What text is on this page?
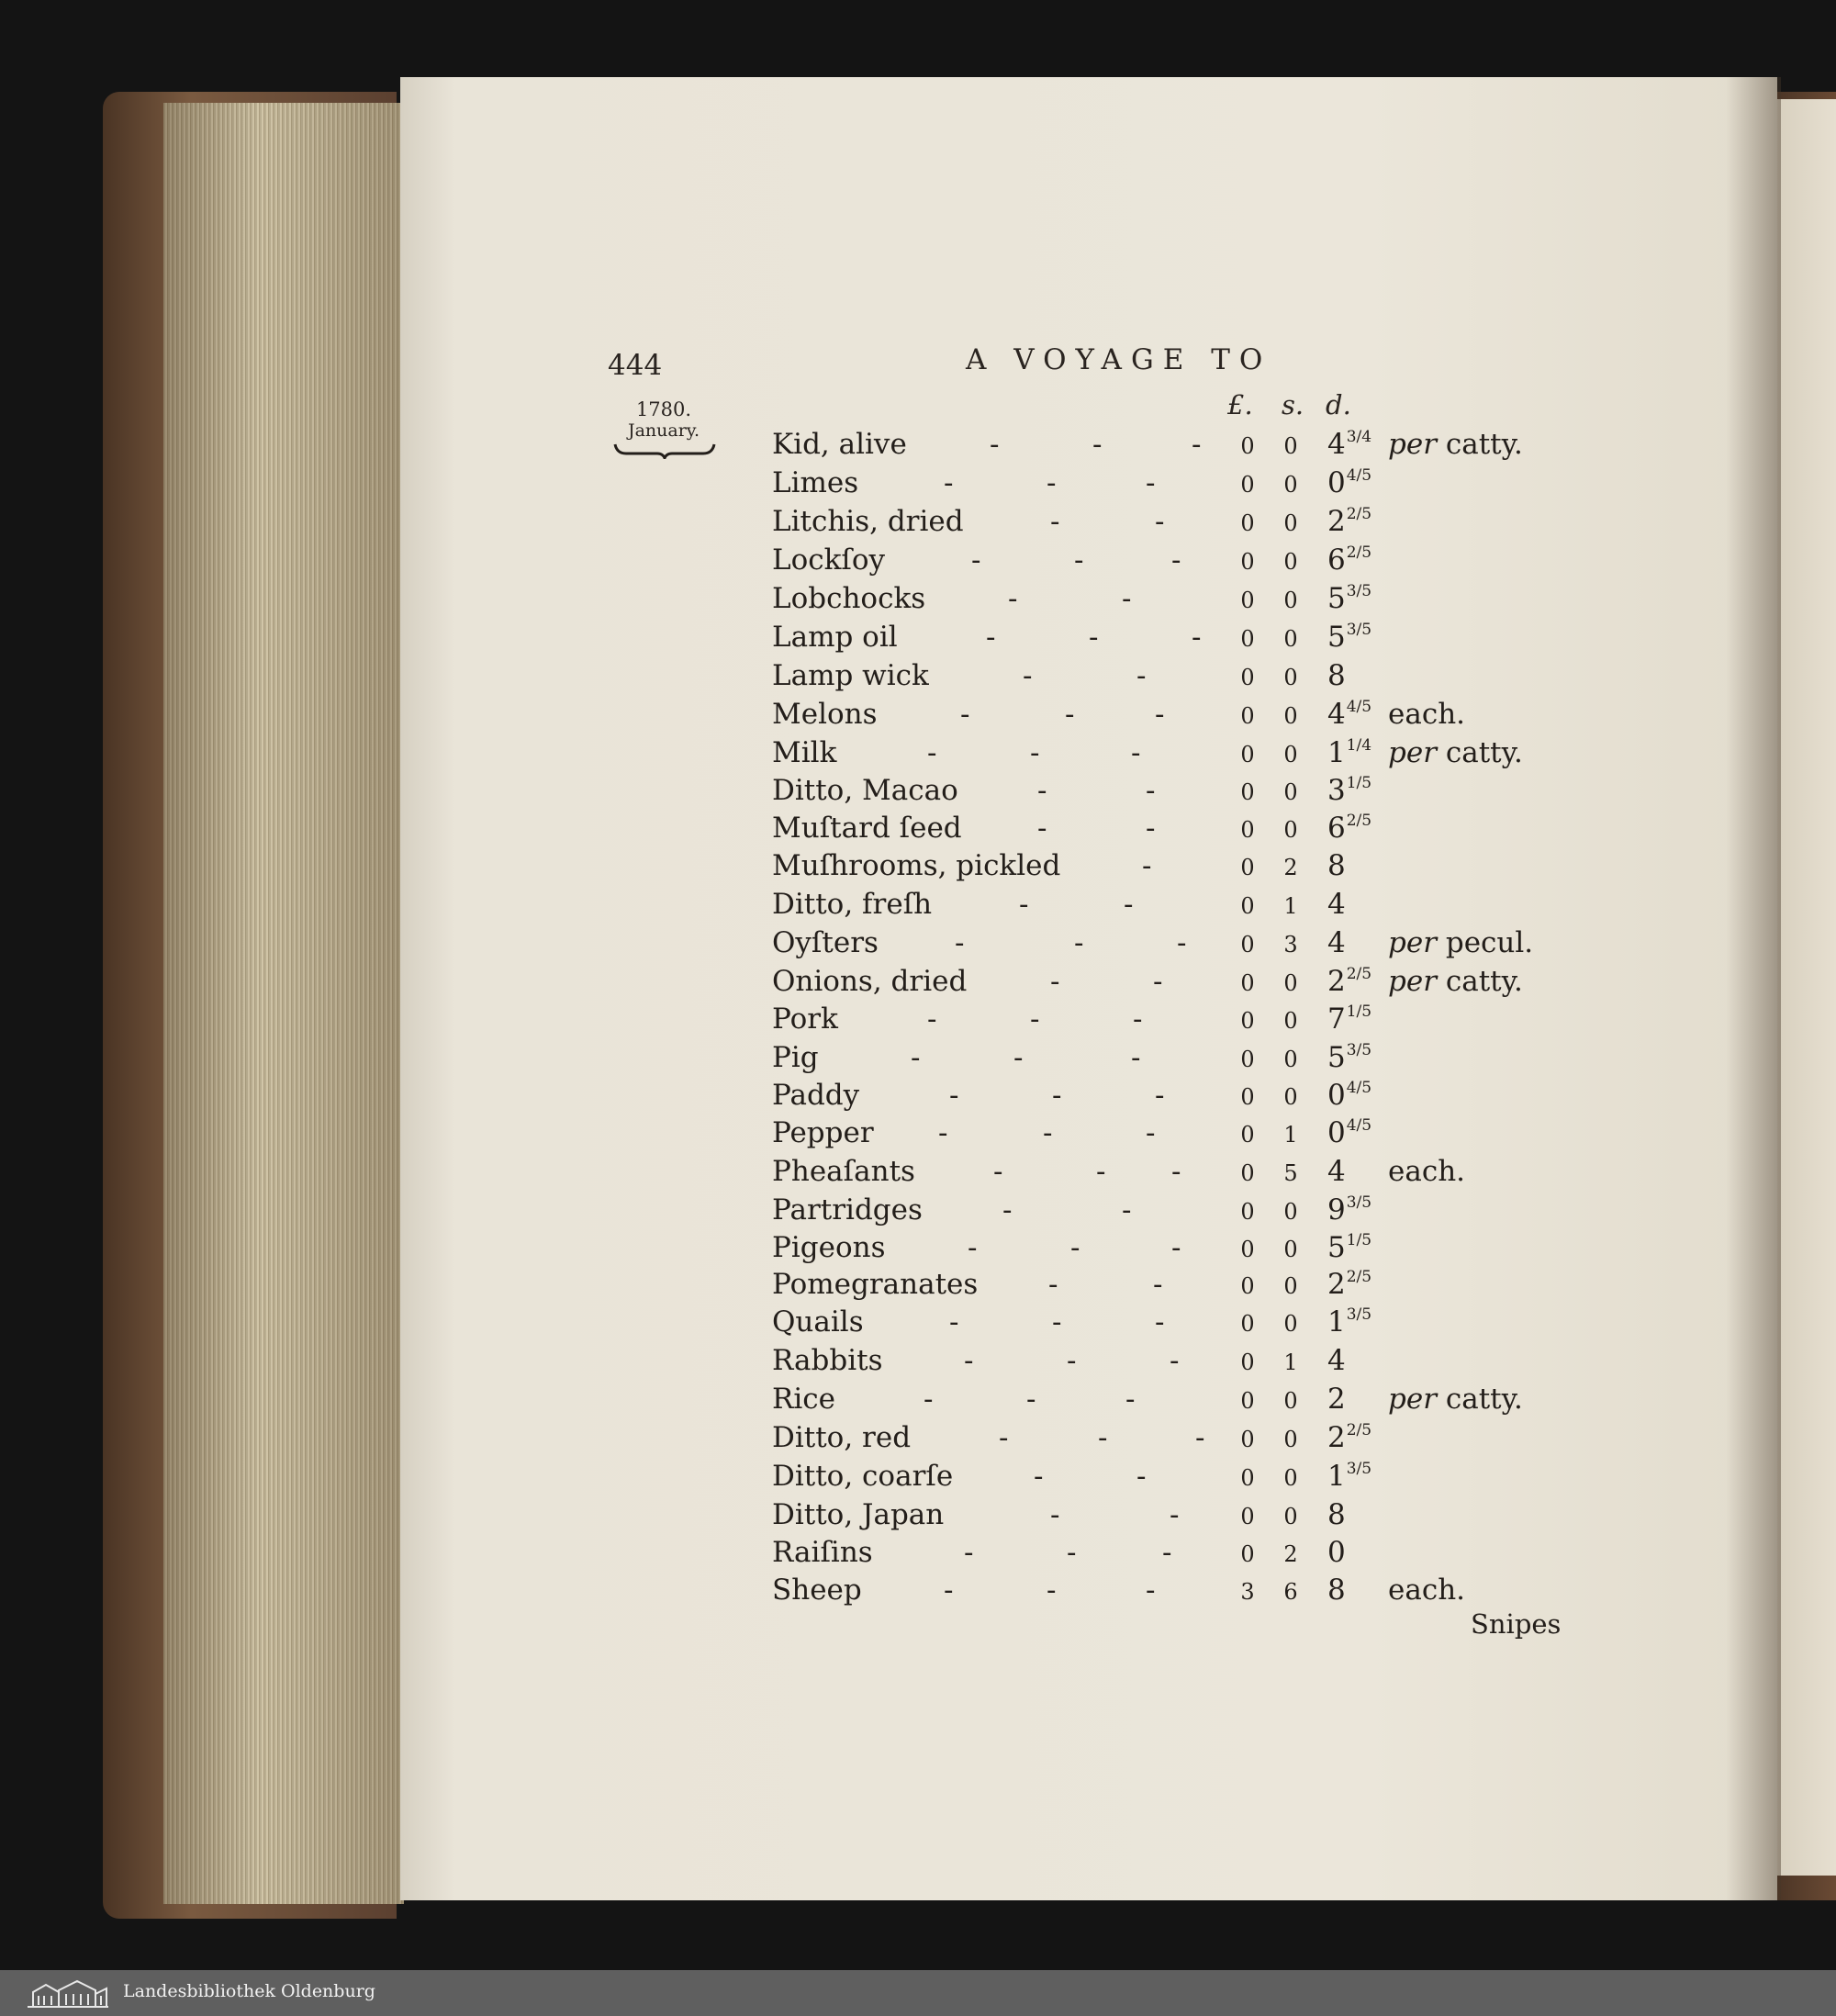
444	A VOYAGE TO
1780.
January.
£. s. d.
Kid, alive	-	-	- 0 0 $4^{3/4}$ per catty.
Limes	-	-	-	0 0 $0^{4/5}$
Litchis, dried	-	-	0 0 $2^{2/5}$
Lockſoy	-	-	-	0 0 $6^{2/5}$
Lobchocks	-	-	0 0 $5^{3/5}$
Lamp oil	-	-	- 0 0 $5^{3/5}$
Lamp wick	-	-	0 0 8
Melons	-	-	-	0 0 $4^{4/5}$ each.
Milk	-	-	-	0 0 $1^{1/4}$ per catty.
Ditto, Macao	-	-	0 0 $3^{1/5}$
Muſtard ſeed	-	-	0 0 $6^{2/5}$
Muſhrooms, pickled	-	0 2 8
Ditto, freſh	-	-	0 1 4
Oyſters	-	-	- 0 3 4 per pecul.
Onions, dried	-	-	0 0 $2^{2/5}$ per catty.
Pork	-	-	-	0 0 $7^{1/5}$
Pig	-	-	-	0 0 $5^{3/5}$
Paddy	-	-	-	0 0 $0^{4/5}$
Pepper -	-	-	0 1 $0^{4/5}$
Pheaſants	-	- -	0 5 4 each.
Partridges	-	-	0 0 $9^{3/5}$
Pigeons	-	-	-	0 0 $5^{1/5}$
Pomegranates -	-	0 0 $2^{2/5}$
Quails	-	-	-	0 0 $1^{3/5}$
Rabbits	-	-	-	0 1 4
Rice	-	-	-	0 0 2 per catty.
Ditto, red	-	-	- 0 0 $2^{2/5}$
Ditto, coarſe	-	-	0 0 $1^{3/5}$
Ditto, Japan	-	-	0 0 8
Raiſins	-	-	-	0 2 0
Sheep	-	-	-	3 6 8 each.
Snipes
Landesbibliothek Oldenburg
